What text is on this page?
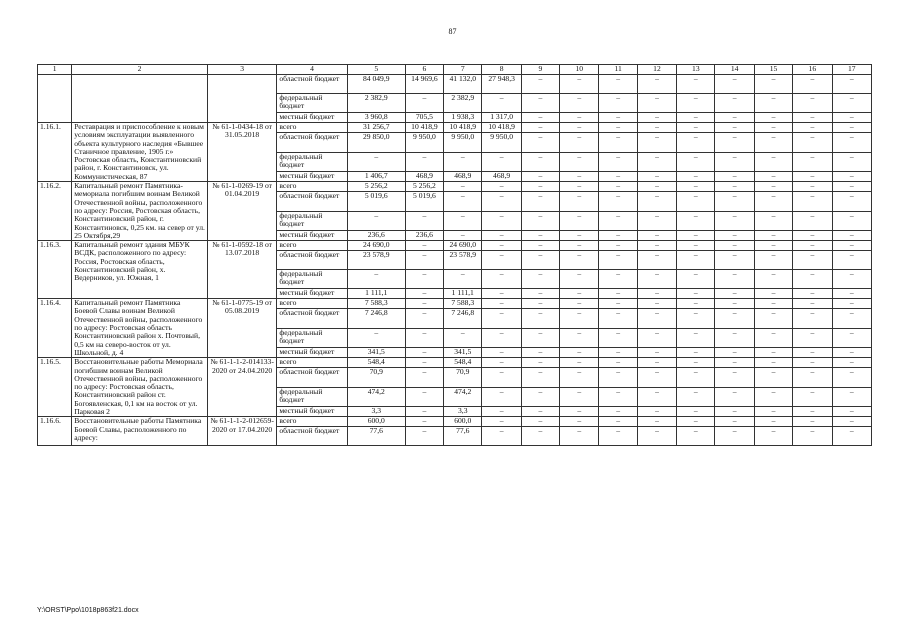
87
1	2	3	4	5	6	7	8	9	10	11	12	13	14	15	16	17
			областной бюджет	84 049,9	14 969,6	41 132,0	27 948,3	–	–	–	–	–	–	–	–	–
			федеральный бюджет	2 382,9	–	2 382,9	–	–	–	–	–	–	–	–	–	–
			местный бюджет	3 960,8	705,5	1 938,3	1 317,0	–	–	–	–	–	–	–	–	–
1.16.1.	Реставрация и приспособление к новым условиям эксплуатации выявленного объекта культурного наследия «Бывшее Станичное правление, 1905 г.» Ростовская область, Константиновский район, г. Константиновск, ул. Коммунистическая, 87	№ 61-1-0434-18 от 31.05.2018	всего	31 256,7	10 418,9	10 418,9	10 418,9	–	–	–	–	–	–	–	–	–
			областной бюджет	29 850,0	9 950,0	9 950,0	9 950,0	–	–	–	–	–	–	–	–	–
			федеральный бюджет	–	–	–	–	–	–	–	–	–	–	–	–	–
			местный бюджет	1 406,7	468,9	468,9	468,9	–	–	–	–	–	–	–	–	–
1.16.2.	Капитальный ремонт Памятника-мемориала погибшим воинам Великой Отечественной войны, расположенного по адресу: Россия, Ростовская область, Константиновский район, г. Константиновск, 0,25 км. на север от ул. 25 Октября,29	№ 61-1-0269-19 от 01.04.2019	всего	5 256,2	5 256,2	–	–	–	–	–	–	–	–	–	–	–
			областной бюджет	5 019,6	5 019,6	–	–	–	–	–	–	–	–	–	–	–
			федеральный бюджет	–	–	–	–	–	–	–	–	–	–	–	–	–
			местный бюджет	236,6	236,6	–	–	–	–	–	–	–	–	–	–	–
1.16.3.	Капитальный ремонт здания МБУК ВСДК, расположенного по адресу: Россия, Ростовская область, Константиновский район, х. Ведерников, ул. Южная, 1	№ 61-1-0592-18 от 13.07.2018	всего	24 690,0	–	24 690,0	–	–	–	–	–	–	–	–	–	–
			областной бюджет	23 578,9	–	23 578,9	–	–	–	–	–	–	–	–	–	–
			федеральный бюджет	–	–	–	–	–	–	–	–	–	–	–	–	–
			местный бюджет	1 111,1	–	1 111,1	–	–	–	–	–	–	–	–	–	–
1.16.4.	Капитальный ремонт Памятника Боевой Славы воинам Великой Отечественной войны, расположенного по адресу: Ростовская область Константиновский район х. Почтовый, 0,5 км на северо-восток от ул. Школьной, д. 4	№ 61-1-0775-19 от 05.08.2019	всего	7 588,3	–	7 588,3	–	–	–	–	–	–	–	–	–	–
			областной бюджет	7 246,8	–	7 246,8	–	–	–	–	–	–	–	–	–	–
			федеральный бюджет	–	–	–	–	–	–	–	–	–	–	–	–	–
			местный бюджет	341,5	–	341,5	–	–	–	–	–	–	–	–	–	–
1.16.5.	Восстановительные работы Мемориала погибшим воинам Великой Отечественной войны, расположенного по адресу: Ростовская область, Константиновский район ст. Богоявленская, 0,1 км на восток от ул. Парковая 2	№ 61-1-1-2-014133-2020 от 24.04.2020	всего	548,4	–	548,4	–	–	–	–	–	–	–	–	–	–
			областной бюджет	70,9	–	70,9	–	–	–	–	–	–	–	–	–	–
			федеральный бюджет	474,2	–	474,2	–	–	–	–	–	–	–	–	–	–
			местный бюджет	3,3	–	3,3	–	–	–	–	–	–	–	–	–	–
1.16.6.	Восстановительные работы Памятника Боевой Славы, расположенного по адресу:	№ 61-1-1-2-012659-2020 от 17.04.2020	всего	600,0	–	600,0	–	–	–	–	–	–	–	–	–	–
			областной бюджет	77,6	–	77,6	–	–	–	–	–	–	–	–	–	–
Y:\ORST\Ppo\1018p863f21.docx
